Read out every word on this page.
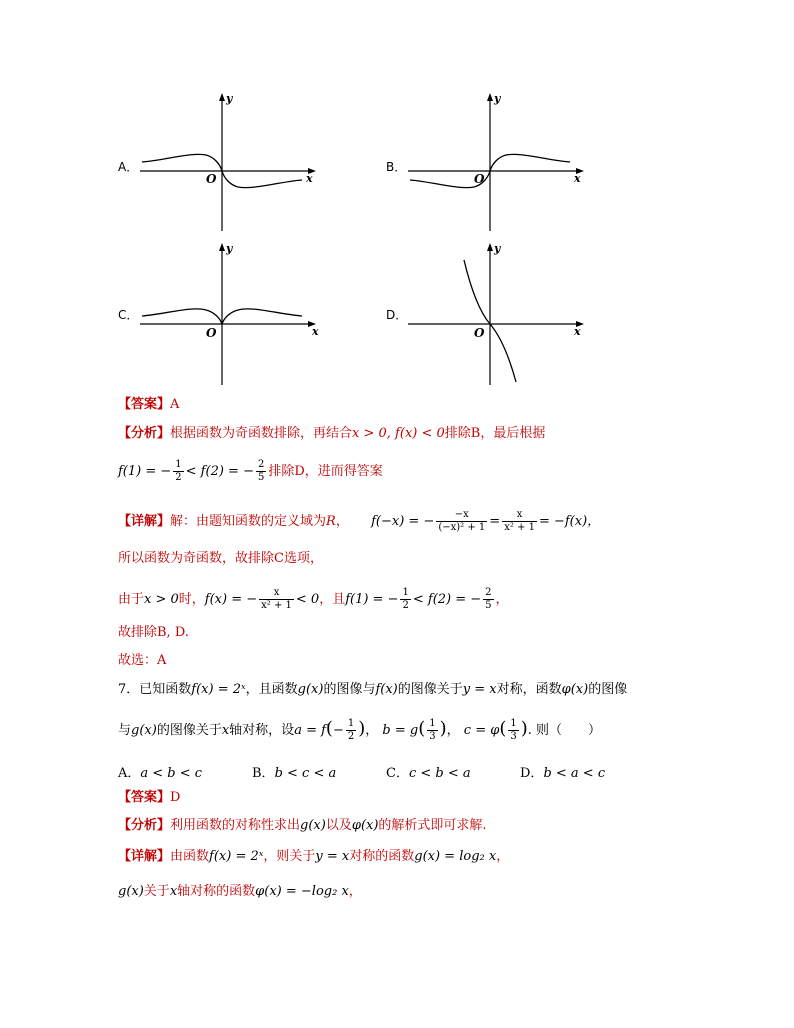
A．
y
x
O
B．
y
x
O
C．
y
x
O
D．
y
x
O
【答案】A
【分析】根据函数为奇函数排除，再结合x > 0, f(x) < 0排除B，最后根据
f(1) = − $\frac{1}{2} < f(2)$ = − $\frac{2}{5}$ 排除D，进而得答案
【详解】解：由题知函数的定义域为R，  f(−x) = − $\frac{-x}{\text{(−x)² + 1}} = \frac{x}{\text{x² + 1}} = -f(x)$，
所以函数为奇函数，故排除C选项，
由于x > 0时，f(x) = − $\frac{x}{\text{x² + 1}} < 0$，且f(1) = − $\frac{1}{2} < f(2)$ = − $\frac{2}{5}$ ，
故排除B, D.
故选：A
7．已知函数f(x) = 2ˣ，且函数g(x)的图像与f(x)的图像关于y = x对称，函数φ(x)的图像
与g(x)的图像关于x轴对称，设$a = f(- \frac{1}{2}$ )， $b = g( \frac{1}{3}$ )， $c = \varphi( \frac{1}{3}$ ). 则（　　）
A．a < b < c	B．b < c < a	C．c < b < a	D．b < a < c
【答案】D
【分析】利用函数的对称性求出g(x)以及φ(x)的解析式即可求解.
【详解】由函数f(x) = 2ˣ，则关于y = x对称的函数g(x) = log₂ x，
g(x)关于x轴对称的函数φ(x) = −log₂ x，
